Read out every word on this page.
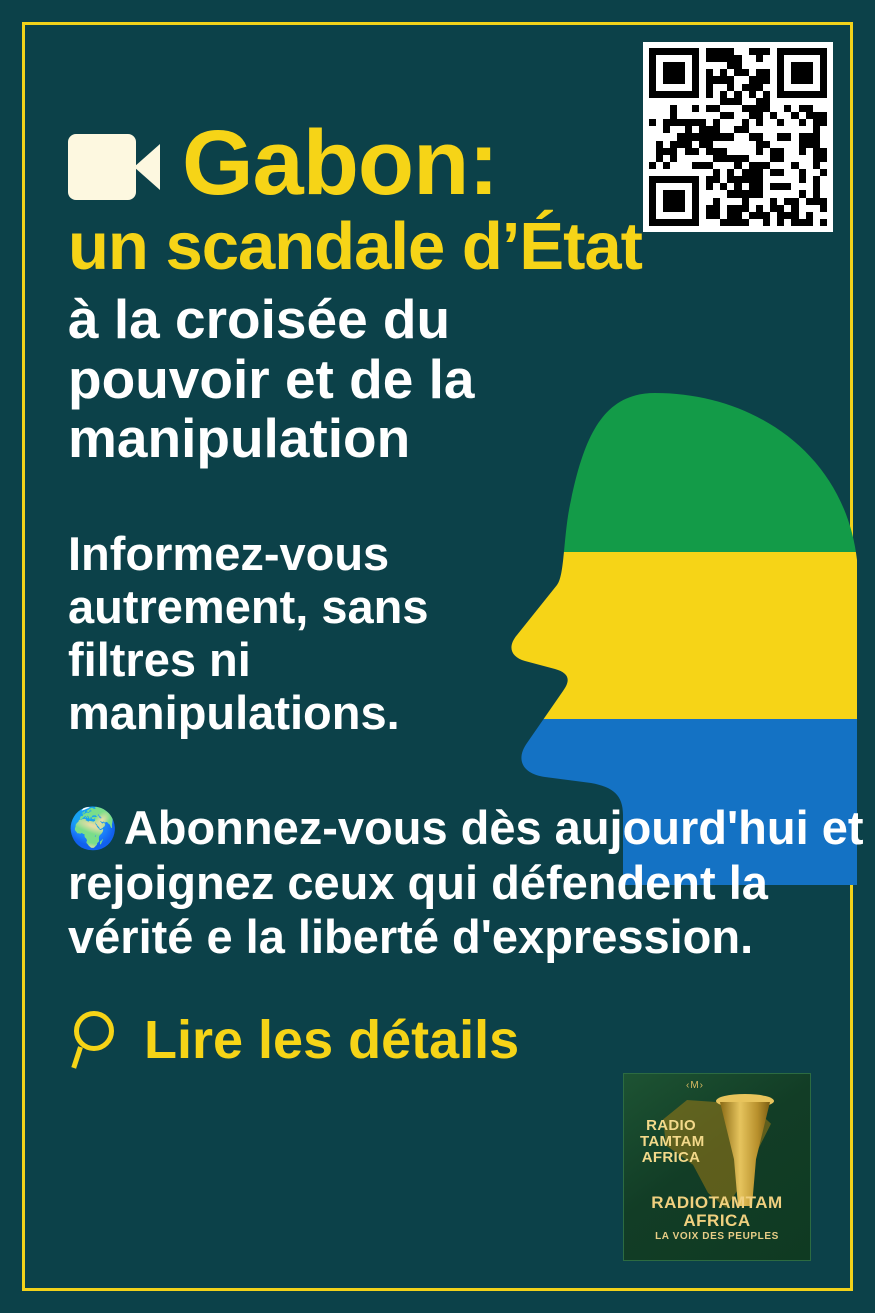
Gabon:
un scandale d’État
à la croisée du pouvoir et de la manipulation
Informez-vous autrement, sans filtres ni manipulations.
🌍 Abonnez-vous dès aujourd'hui et rejoignez ceux qui défendent la vérité e la liberté d'expression.
Lire les détails
RADIO
TAMTAM
AFRICA
‹M›
RADIOTAMTAM
AFRICA
LA VOIX DES PEUPLES
